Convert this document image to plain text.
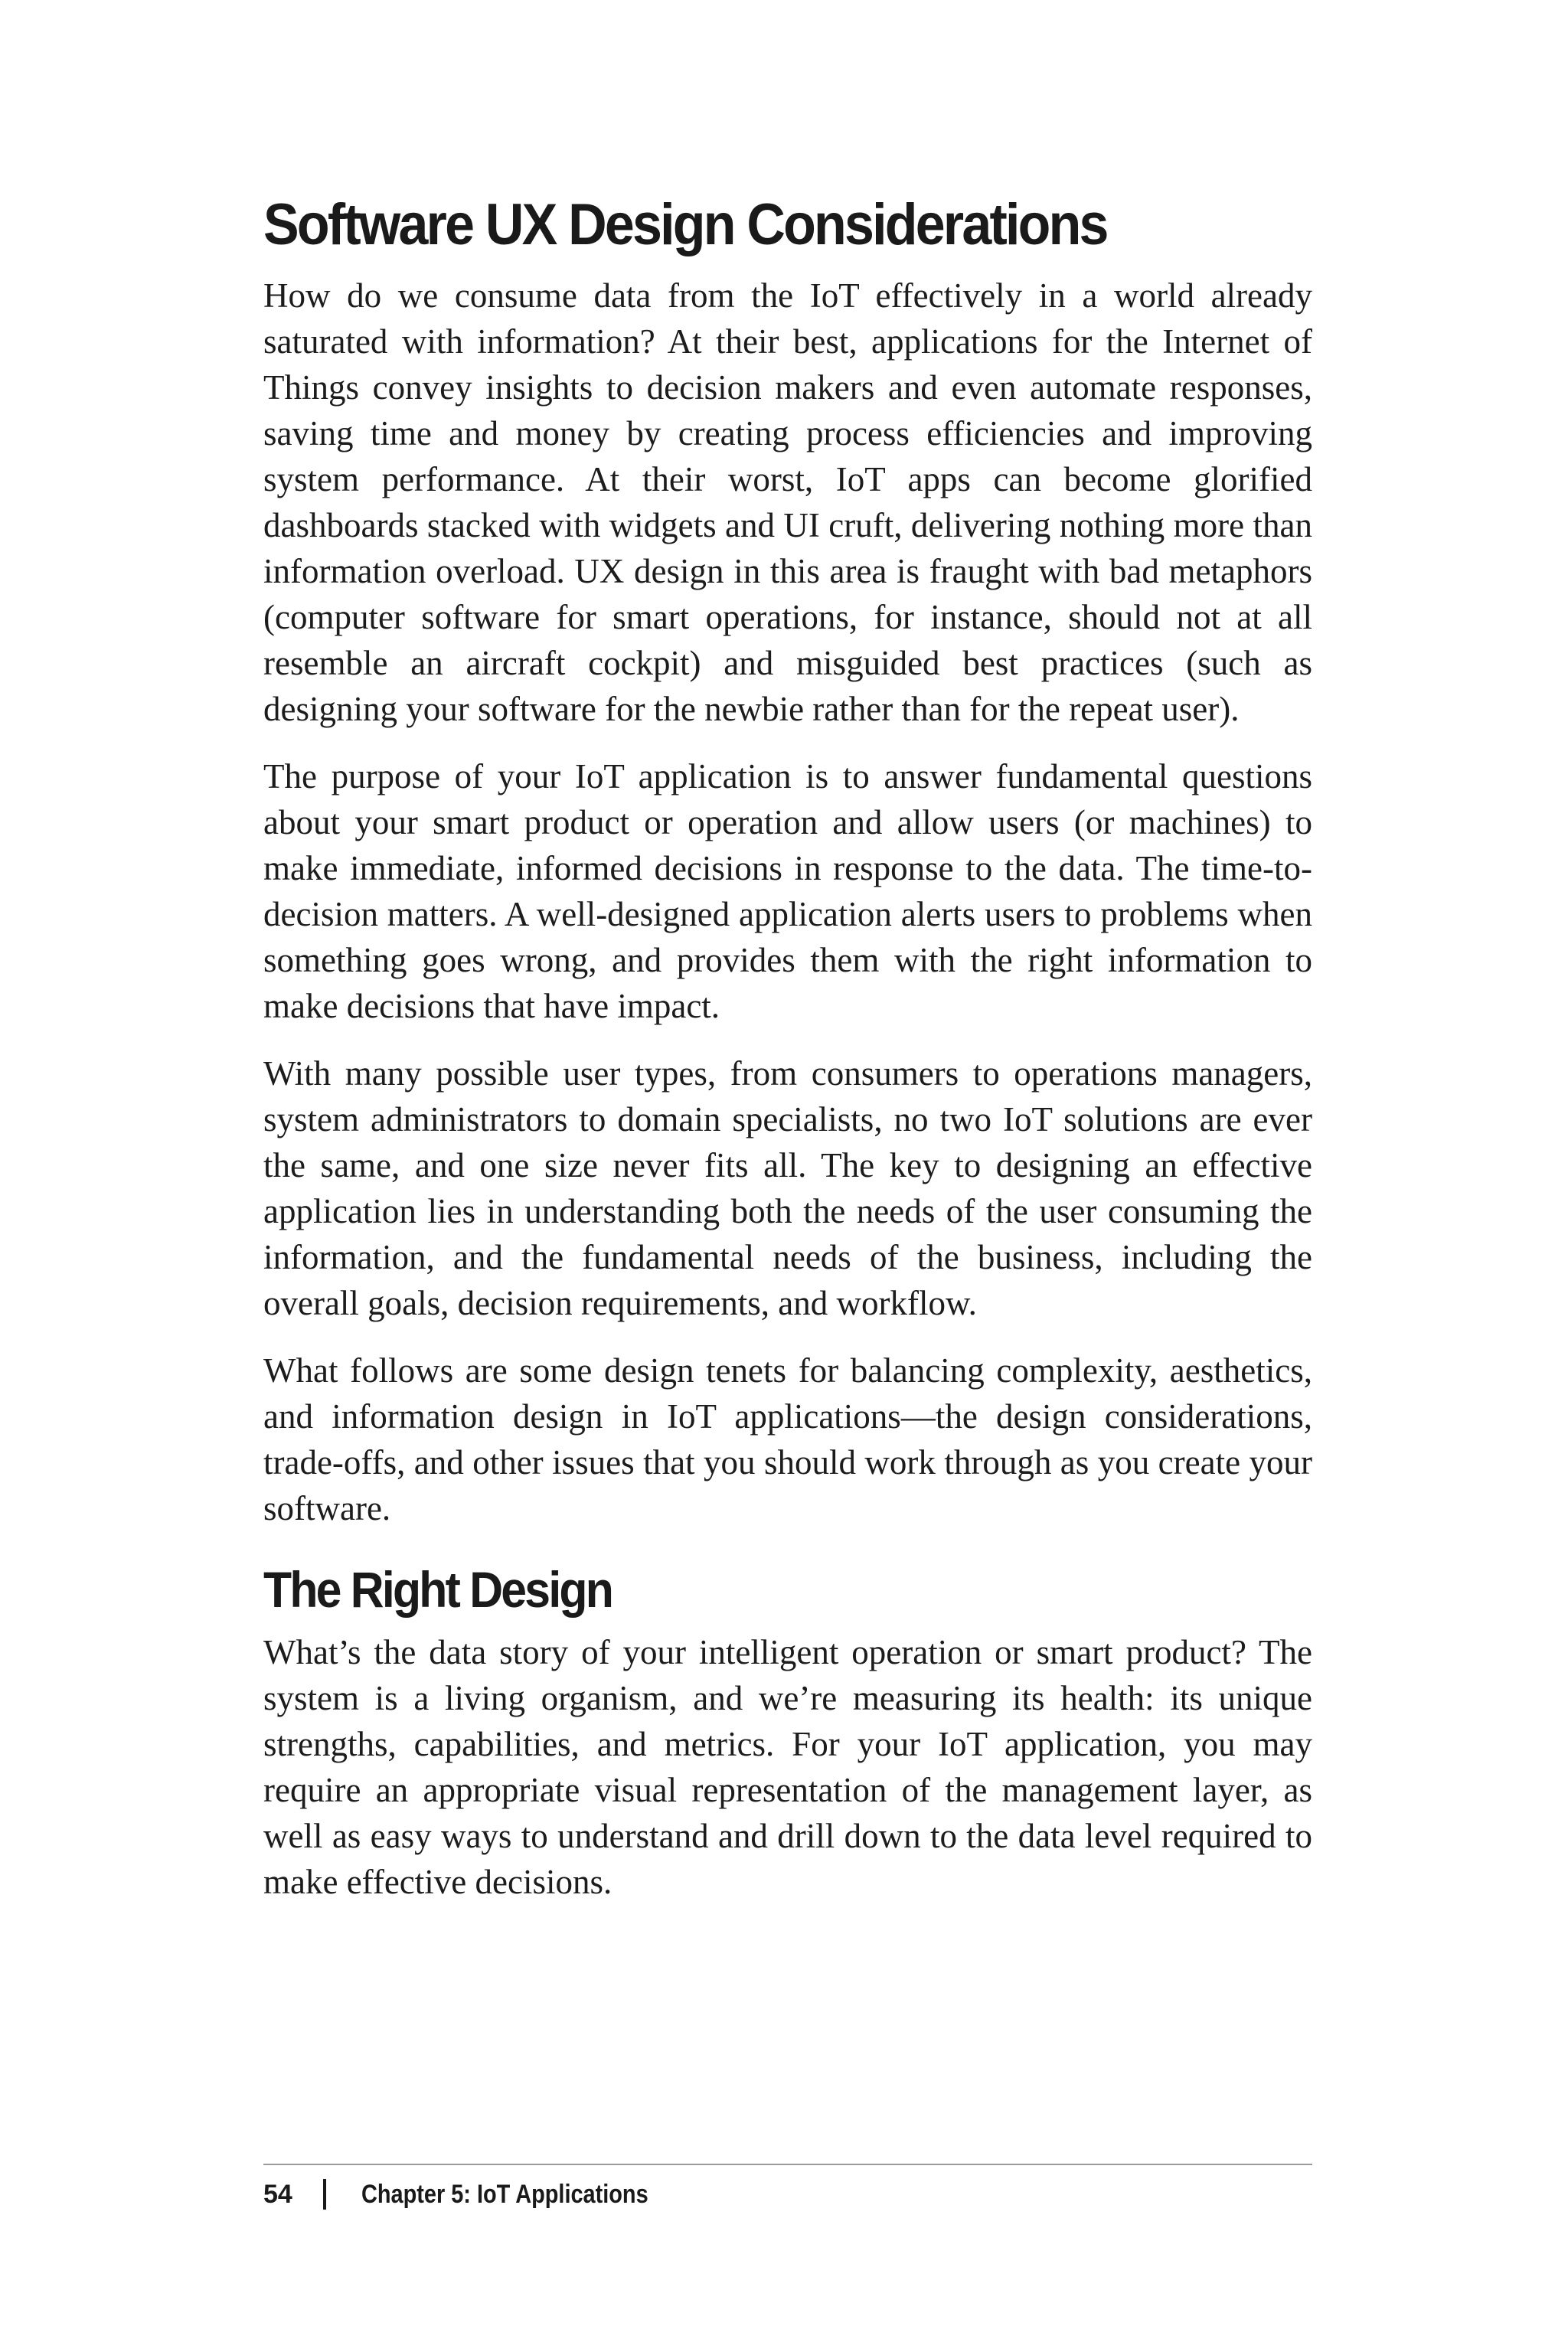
Software UX Design Considerations

How do we consume data from the IoT effectively in a world already saturated with information? At their best, applications for the Internet of Things convey insights to decision makers and even automate responses, saving time and money by creating process efficiencies and improving system performance. At their worst, IoT apps can become glorified dashboards stacked with widgets and UI cruft, delivering nothing more than information overload. UX design in this area is fraught with bad metaphors (computer software for smart operations, for instance, should not at all resemble an aircraft cockpit) and misguided best practices (such as designing your software for the newbie rather than for the repeat user).

The purpose of your IoT application is to answer fundamental questions about your smart product or operation and allow users (or machines) to make immediate, informed decisions in response to the data. The time-to-decision matters. A well-designed application alerts users to problems when something goes wrong, and provides them with the right information to make decisions that have impact.

With many possible user types, from consumers to operations managers, system administrators to domain specialists, no two IoT solutions are ever the same, and one size never fits all. The key to designing an effective application lies in understanding both the needs of the user consuming the information, and the fundamental needs of the business, including the overall goals, decision requirements, and workflow.

What follows are some design tenets for balancing complexity, aesthetics, and information design in IoT applications—the design considerations, trade-offs, and other issues that you should work through as you create your software.

The Right Design

What’s the data story of your intelligent operation or smart product? The system is a living organism, and we’re measuring its health: its unique strengths, capabilities, and metrics. For your IoT application, you may require an appropriate visual representation of the management layer, as well as easy ways to understand and drill down to the data level required to make effective decisions.

54	Chapter 5: IoT Applications
